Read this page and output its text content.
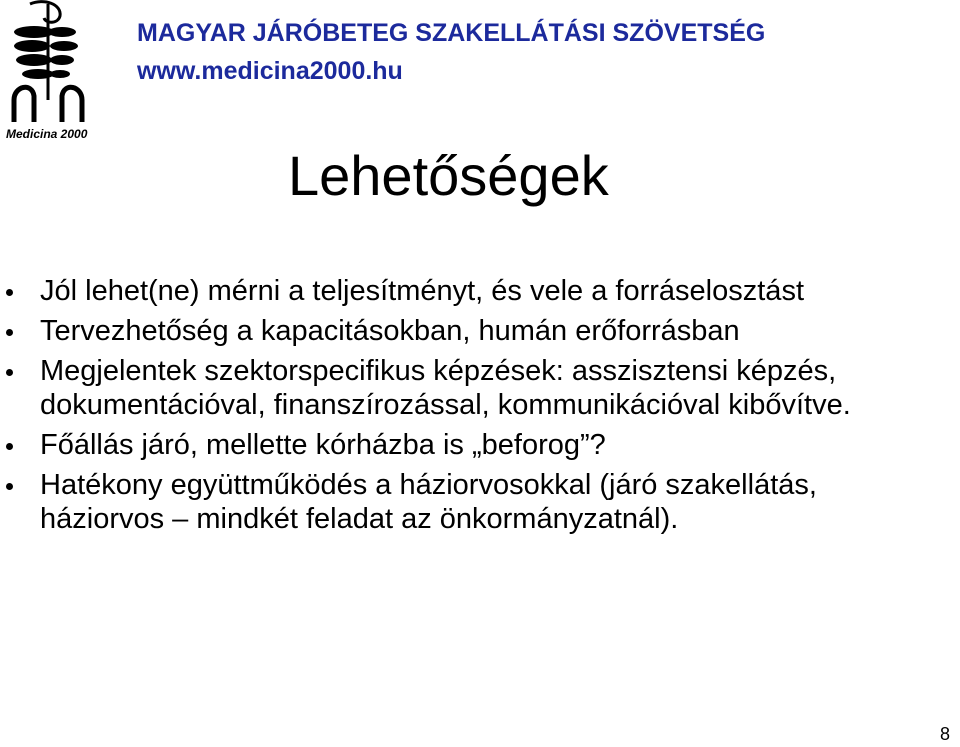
Medicina 2000
MAGYAR JÁRÓBETEG SZAKELLÁTÁSI SZÖVETSÉG
www.medicina2000.hu
Lehetőségek
Jól lehet(ne) mérni a teljesítményt, és vele a forráselosztást
Tervezhetőség a kapacitásokban, humán erőforrásban
Megjelentek szektorspecifikus képzések: asszisztensi képzés, dokumentációval, finanszírozással, kommunikációval kibővítve.
Főállás járó, mellette kórházba is „beforog”?
Hatékony együttműködés a háziorvosokkal (járó szakellátás, háziorvos – mindkét feladat az önkormányzatnál).
8
